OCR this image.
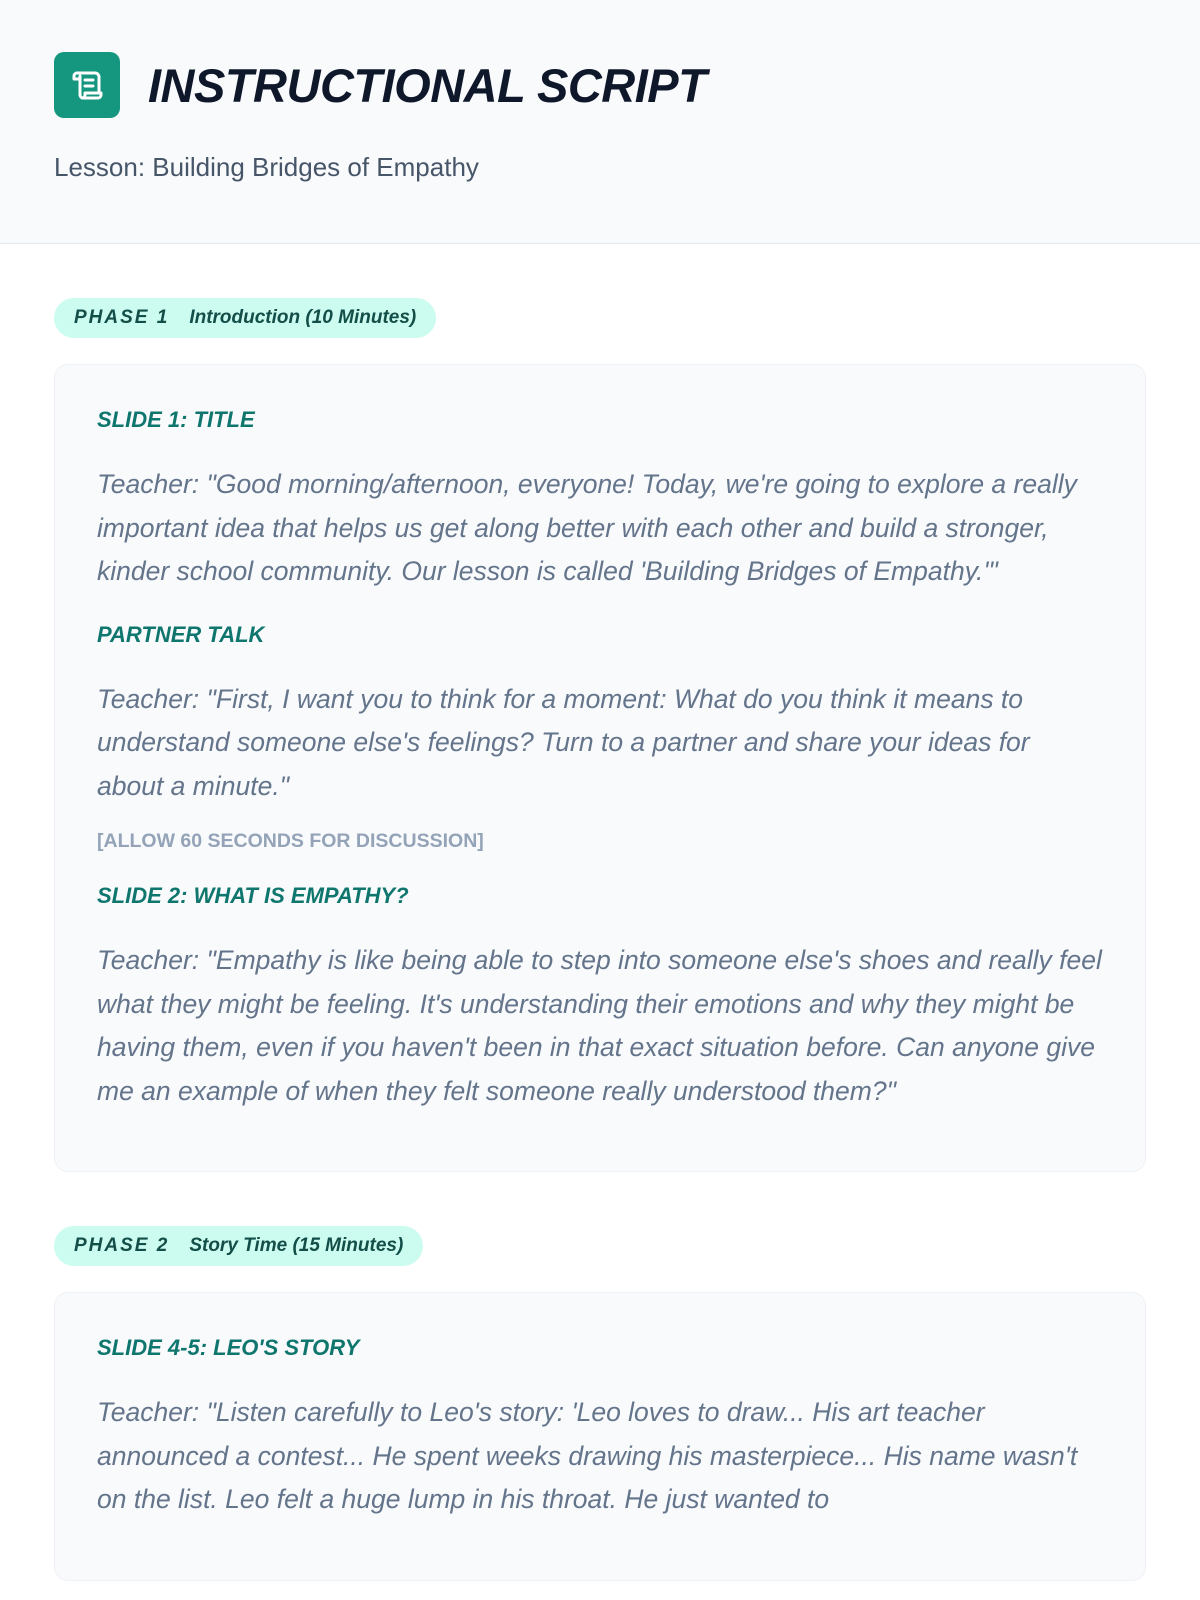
INSTRUCTIONAL SCRIPT
Lesson: Building Bridges of Empathy
PHASE 1 Introduction (10 Minutes)
SLIDE 1: TITLE
Teacher: "Good morning/afternoon, everyone! Today, we're going to explore a really important idea that helps us get along better with each other and build a stronger, kinder school community. Our lesson is called 'Building Bridges of Empathy.'"
PARTNER TALK
Teacher: "First, I want you to think for a moment: What do you think it means to understand someone else's feelings? Turn to a partner and share your ideas for about a minute."
[ALLOW 60 SECONDS FOR DISCUSSION]
SLIDE 2: WHAT IS EMPATHY?
Teacher: "Empathy is like being able to step into someone else's shoes and really feel what they might be feeling. It's understanding their emotions and why they might be having them, even if you haven't been in that exact situation before. Can anyone give me an example of when they felt someone really understood them?"
PHASE 2 Story Time (15 Minutes)
SLIDE 4-5: LEO'S STORY
Teacher: "Listen carefully to Leo's story: 'Leo loves to draw... His art teacher announced a contest... He spent weeks drawing his masterpiece... His name wasn't on the list. Leo felt a huge lump in his throat. He just wanted to
